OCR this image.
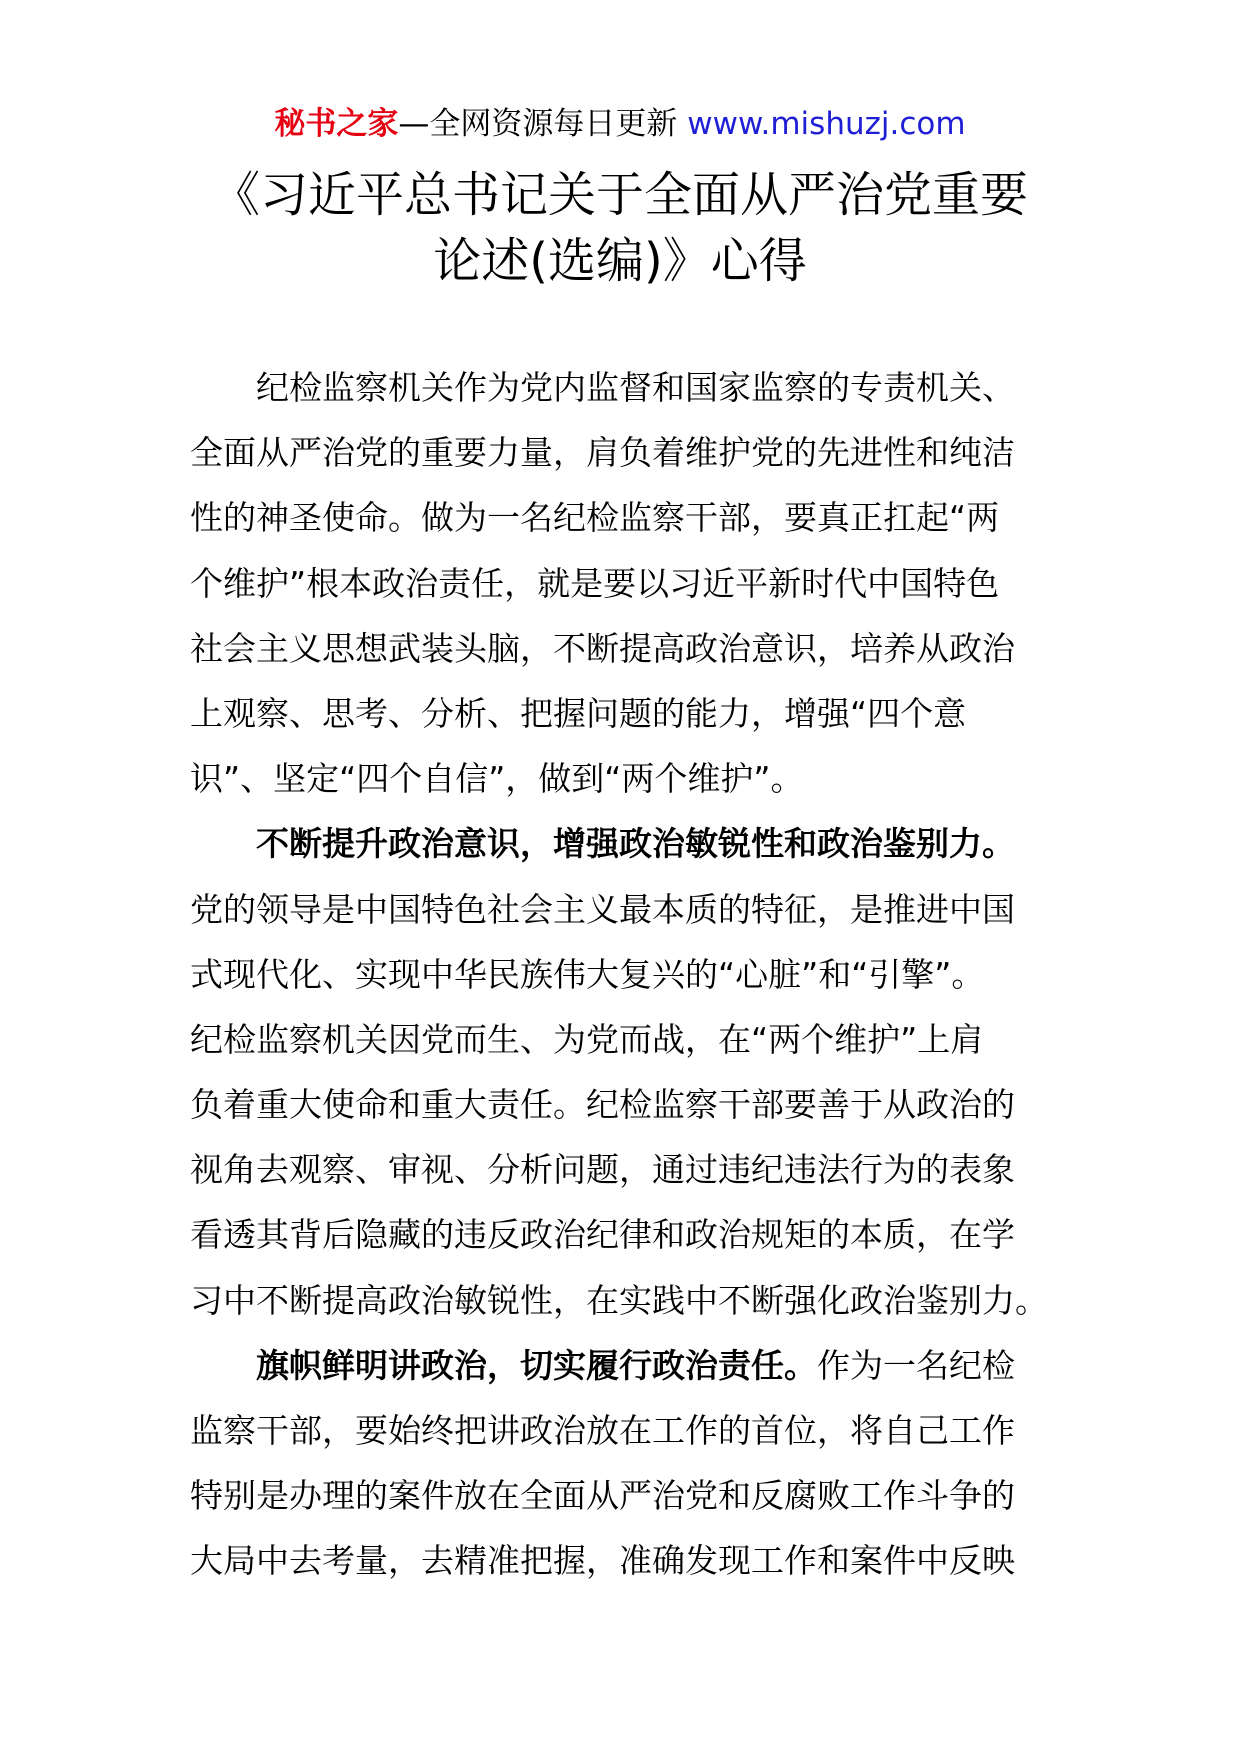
秘书之家—全网资源每日更新 www.mishuzj.com
《习近平总书记关于全面从严治党重要
论述(选编)》心得
纪检监察机关作为党内监督和国家监察的专责机关、
全面从严治党的重要力量，肩负着维护党的先进性和纯洁
性的神圣使命。做为一名纪检监察干部，要真正扛起“两
个维护”根本政治责任，就是要以习近平新时代中国特色
社会主义思想武装头脑，不断提高政治意识，培养从政治
上观察、思考、分析、把握问题的能力，增强“四个意
识”、坚定“四个自信”，做到“两个维护”。
不断提升政治意识，增强政治敏锐性和政治鉴别力。
党的领导是中国特色社会主义最本质的特征，是推进中国
式现代化、实现中华民族伟大复兴的“心脏”和“引擎”。
纪检监察机关因党而生、为党而战，在“两个维护”上肩
负着重大使命和重大责任。纪检监察干部要善于从政治的
视角去观察、审视、分析问题，通过违纪违法行为的表象
看透其背后隐藏的违反政治纪律和政治规矩的本质，在学
习中不断提高政治敏锐性，在实践中不断强化政治鉴别力。
旗帜鲜明讲政治，切实履行政治责任。作为一名纪检
监察干部，要始终把讲政治放在工作的首位，将自己工作
特别是办理的案件放在全面从严治党和反腐败工作斗争的
大局中去考量，去精准把握，准确发现工作和案件中反映
